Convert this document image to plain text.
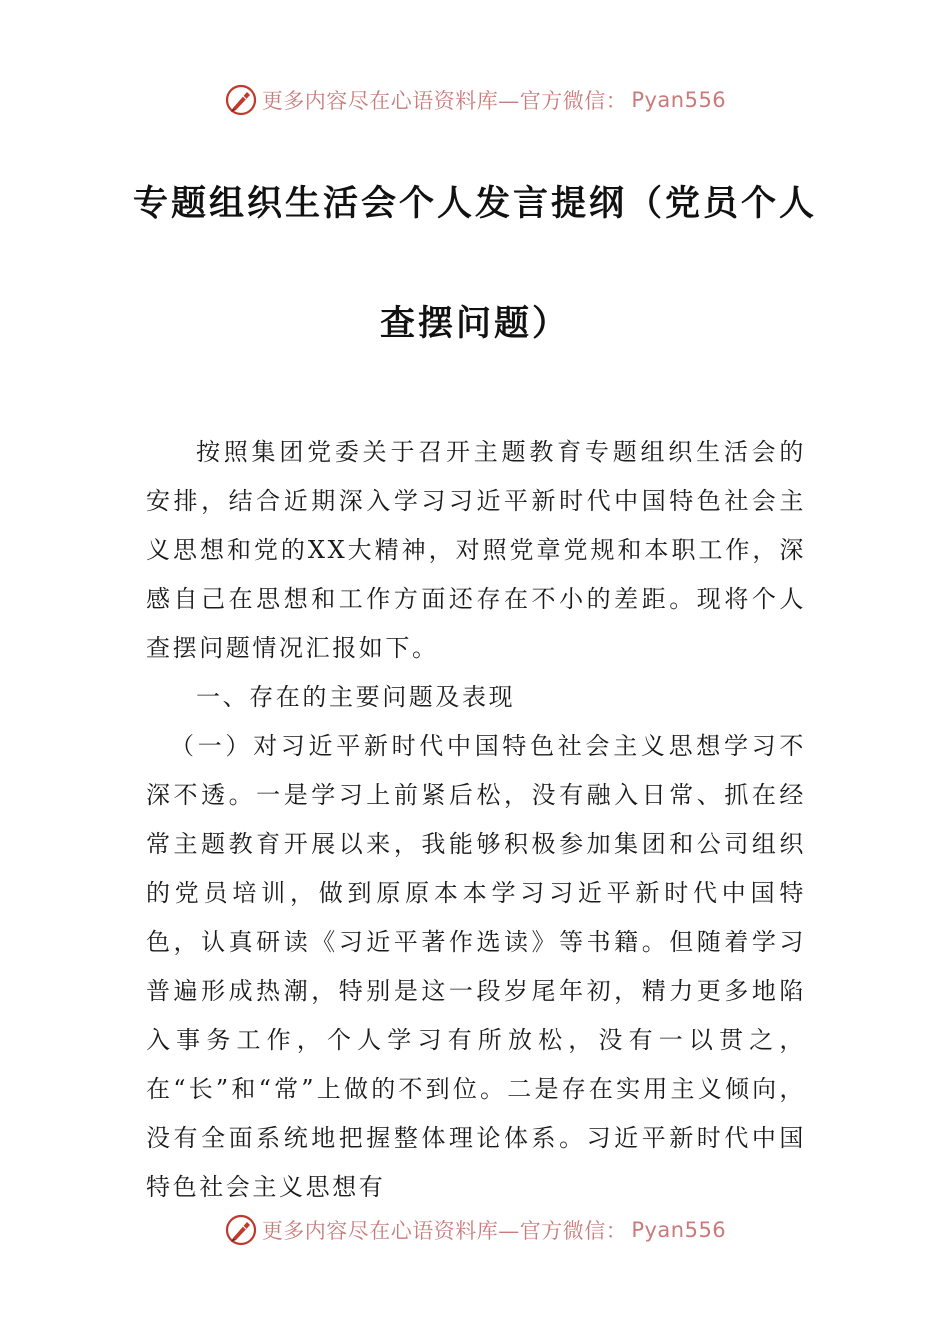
更多内容尽在心语资料库—官方微信： Pyan556
专题组织生活会个人发言提纲（党员个人
查摆问题）

按照集团党委关于召开主题教育专题组织生活会的安排，结合近期深入学习习近平新时代中国特色社会主义思想和党的XX大精神，对照党章党规和本职工作，深感自己在思想和工作方面还存在不小的差距。现将个人查摆问题情况汇报如下。

一、存在的主要问题及表现

（一）对习近平新时代中国特色社会主义思想学习不深不透。一是学习上前紧后松，没有融入日常、抓在经常主题教育开展以来，我能够积极参加集团和公司组织的党员培训，做到原原本本学习习近平新时代中国特色，认真研读《习近平著作选读》等书籍。但随着学习普遍形成热潮，特别是这一段岁尾年初，精力更多地陷入事务工作，个人学习有所放松，没有一以贯之，在“长”和“常”上做的不到位。二是存在实用主义倾向，没有全面系统地把握整体理论体系。习近平新时代中国特色社会主义思想有

更多内容尽在心语资料库—官方微信： Pyan556
